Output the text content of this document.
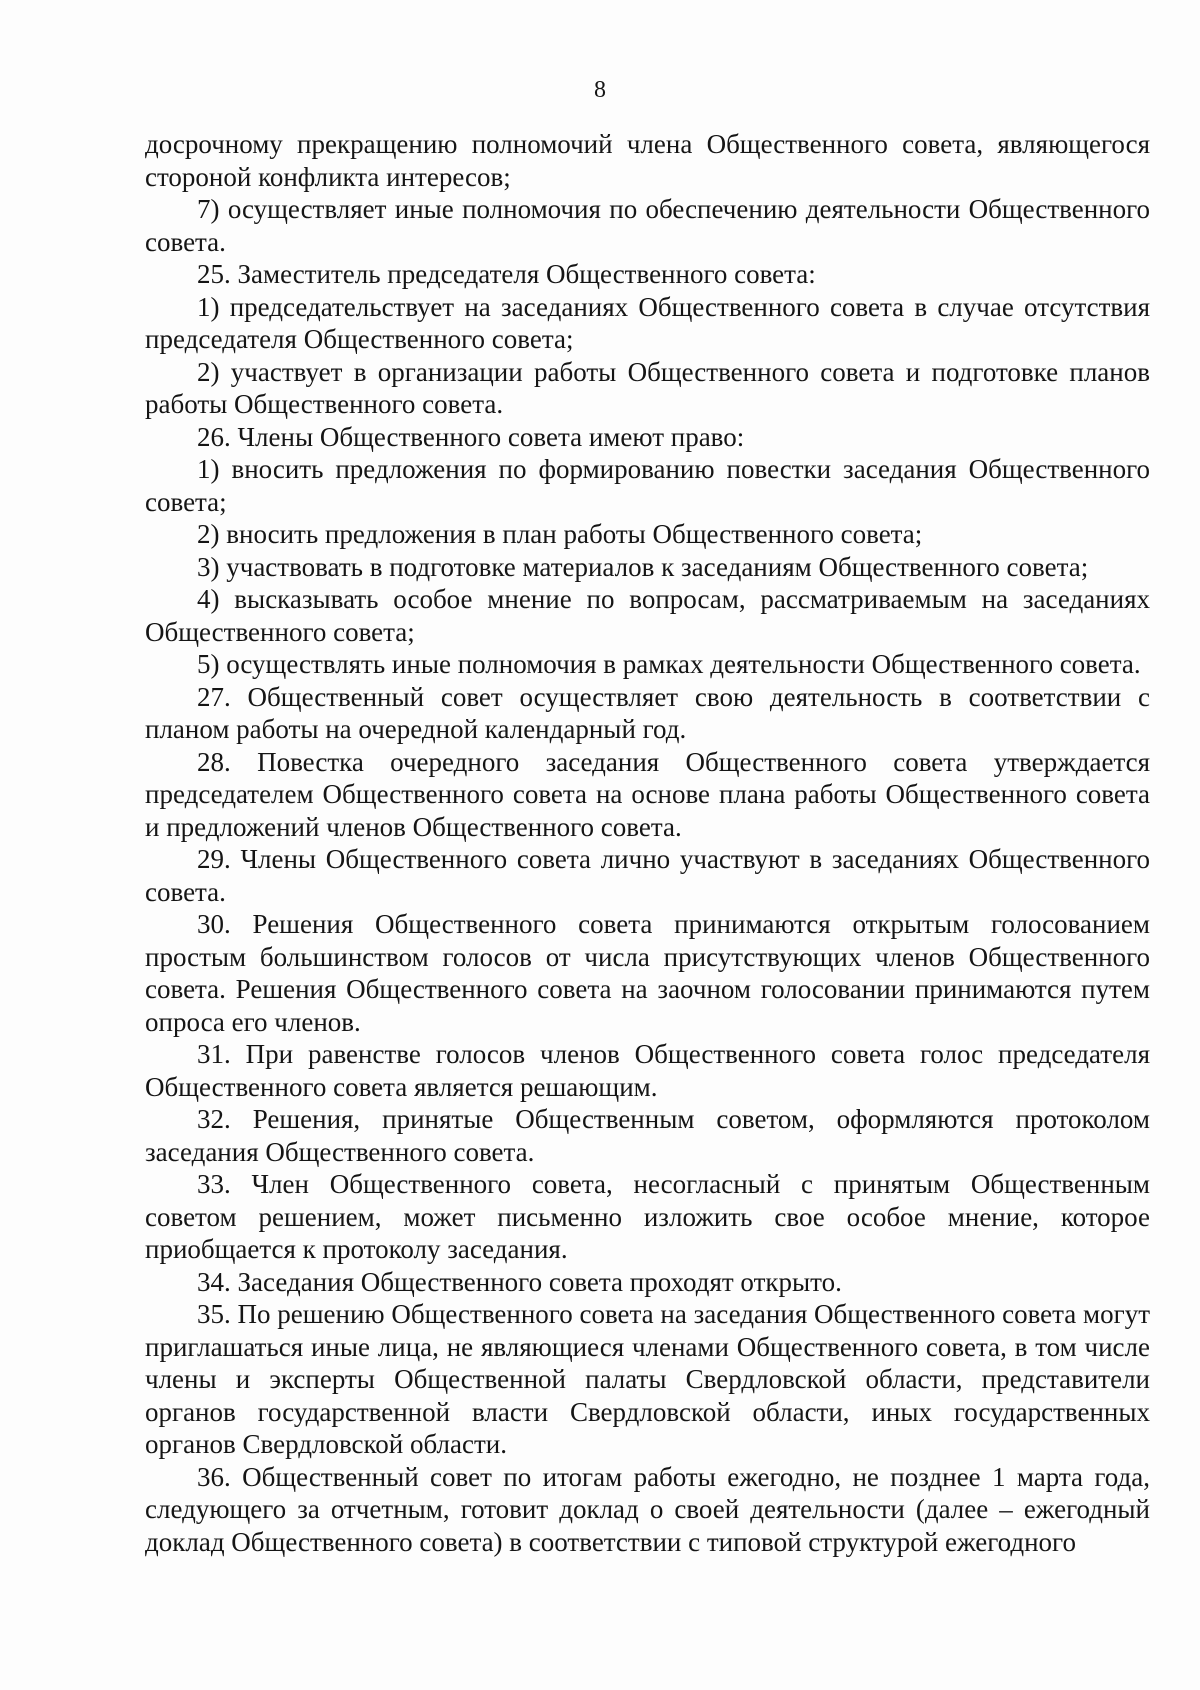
8

досрочному прекращению полномочий члена Общественного совета, являющегося стороной конфликта интересов;

7) осуществляет иные полномочия по обеспечению деятельности Общественного совета.

25. Заместитель председателя Общественного совета:

1) председательствует на заседаниях Общественного совета в случае отсутствия председателя Общественного совета;

2) участвует в организации работы Общественного совета и подготовке планов работы Общественного совета.

26. Члены Общественного совета имеют право:

1) вносить предложения по формированию повестки заседания Общественного совета;

2) вносить предложения в план работы Общественного совета;

3) участвовать в подготовке материалов к заседаниям Общественного совета;

4) высказывать особое мнение по вопросам, рассматриваемым на заседаниях Общественного совета;

5) осуществлять иные полномочия в рамках деятельности Общественного совета.

27. Общественный совет осуществляет свою деятельность в соответствии с планом работы на очередной календарный год.

28. Повестка очередного заседания Общественного совета утверждается председателем Общественного совета на основе плана работы Общественного совета и предложений членов Общественного совета.

29. Члены Общественного совета лично участвуют в заседаниях Общественного совета.

30. Решения Общественного совета принимаются открытым голосованием простым большинством голосов от числа присутствующих членов Общественного совета. Решения Общественного совета на заочном голосовании принимаются путем опроса его членов.

31. При равенстве голосов членов Общественного совета голос председателя Общественного совета является решающим.

32. Решения, принятые Общественным советом, оформляются протоколом заседания Общественного совета.

33. Член Общественного совета, несогласный с принятым Общественным советом решением, может письменно изложить свое особое мнение, которое приобщается к протоколу заседания.

34. Заседания Общественного совета проходят открыто.

35. По решению Общественного совета на заседания Общественного совета могут приглашаться иные лица, не являющиеся членами Общественного совета, в том числе члены и эксперты Общественной палаты Свердловской области, представители органов государственной власти Свердловской области, иных государственных органов Свердловской области.

36. Общественный совет по итогам работы ежегодно, не позднее 1 марта года, следующего за отчетным, готовит доклад о своей деятельности (далее – ежегодный доклад Общественного совета) в соответствии с типовой структурой ежегодного
